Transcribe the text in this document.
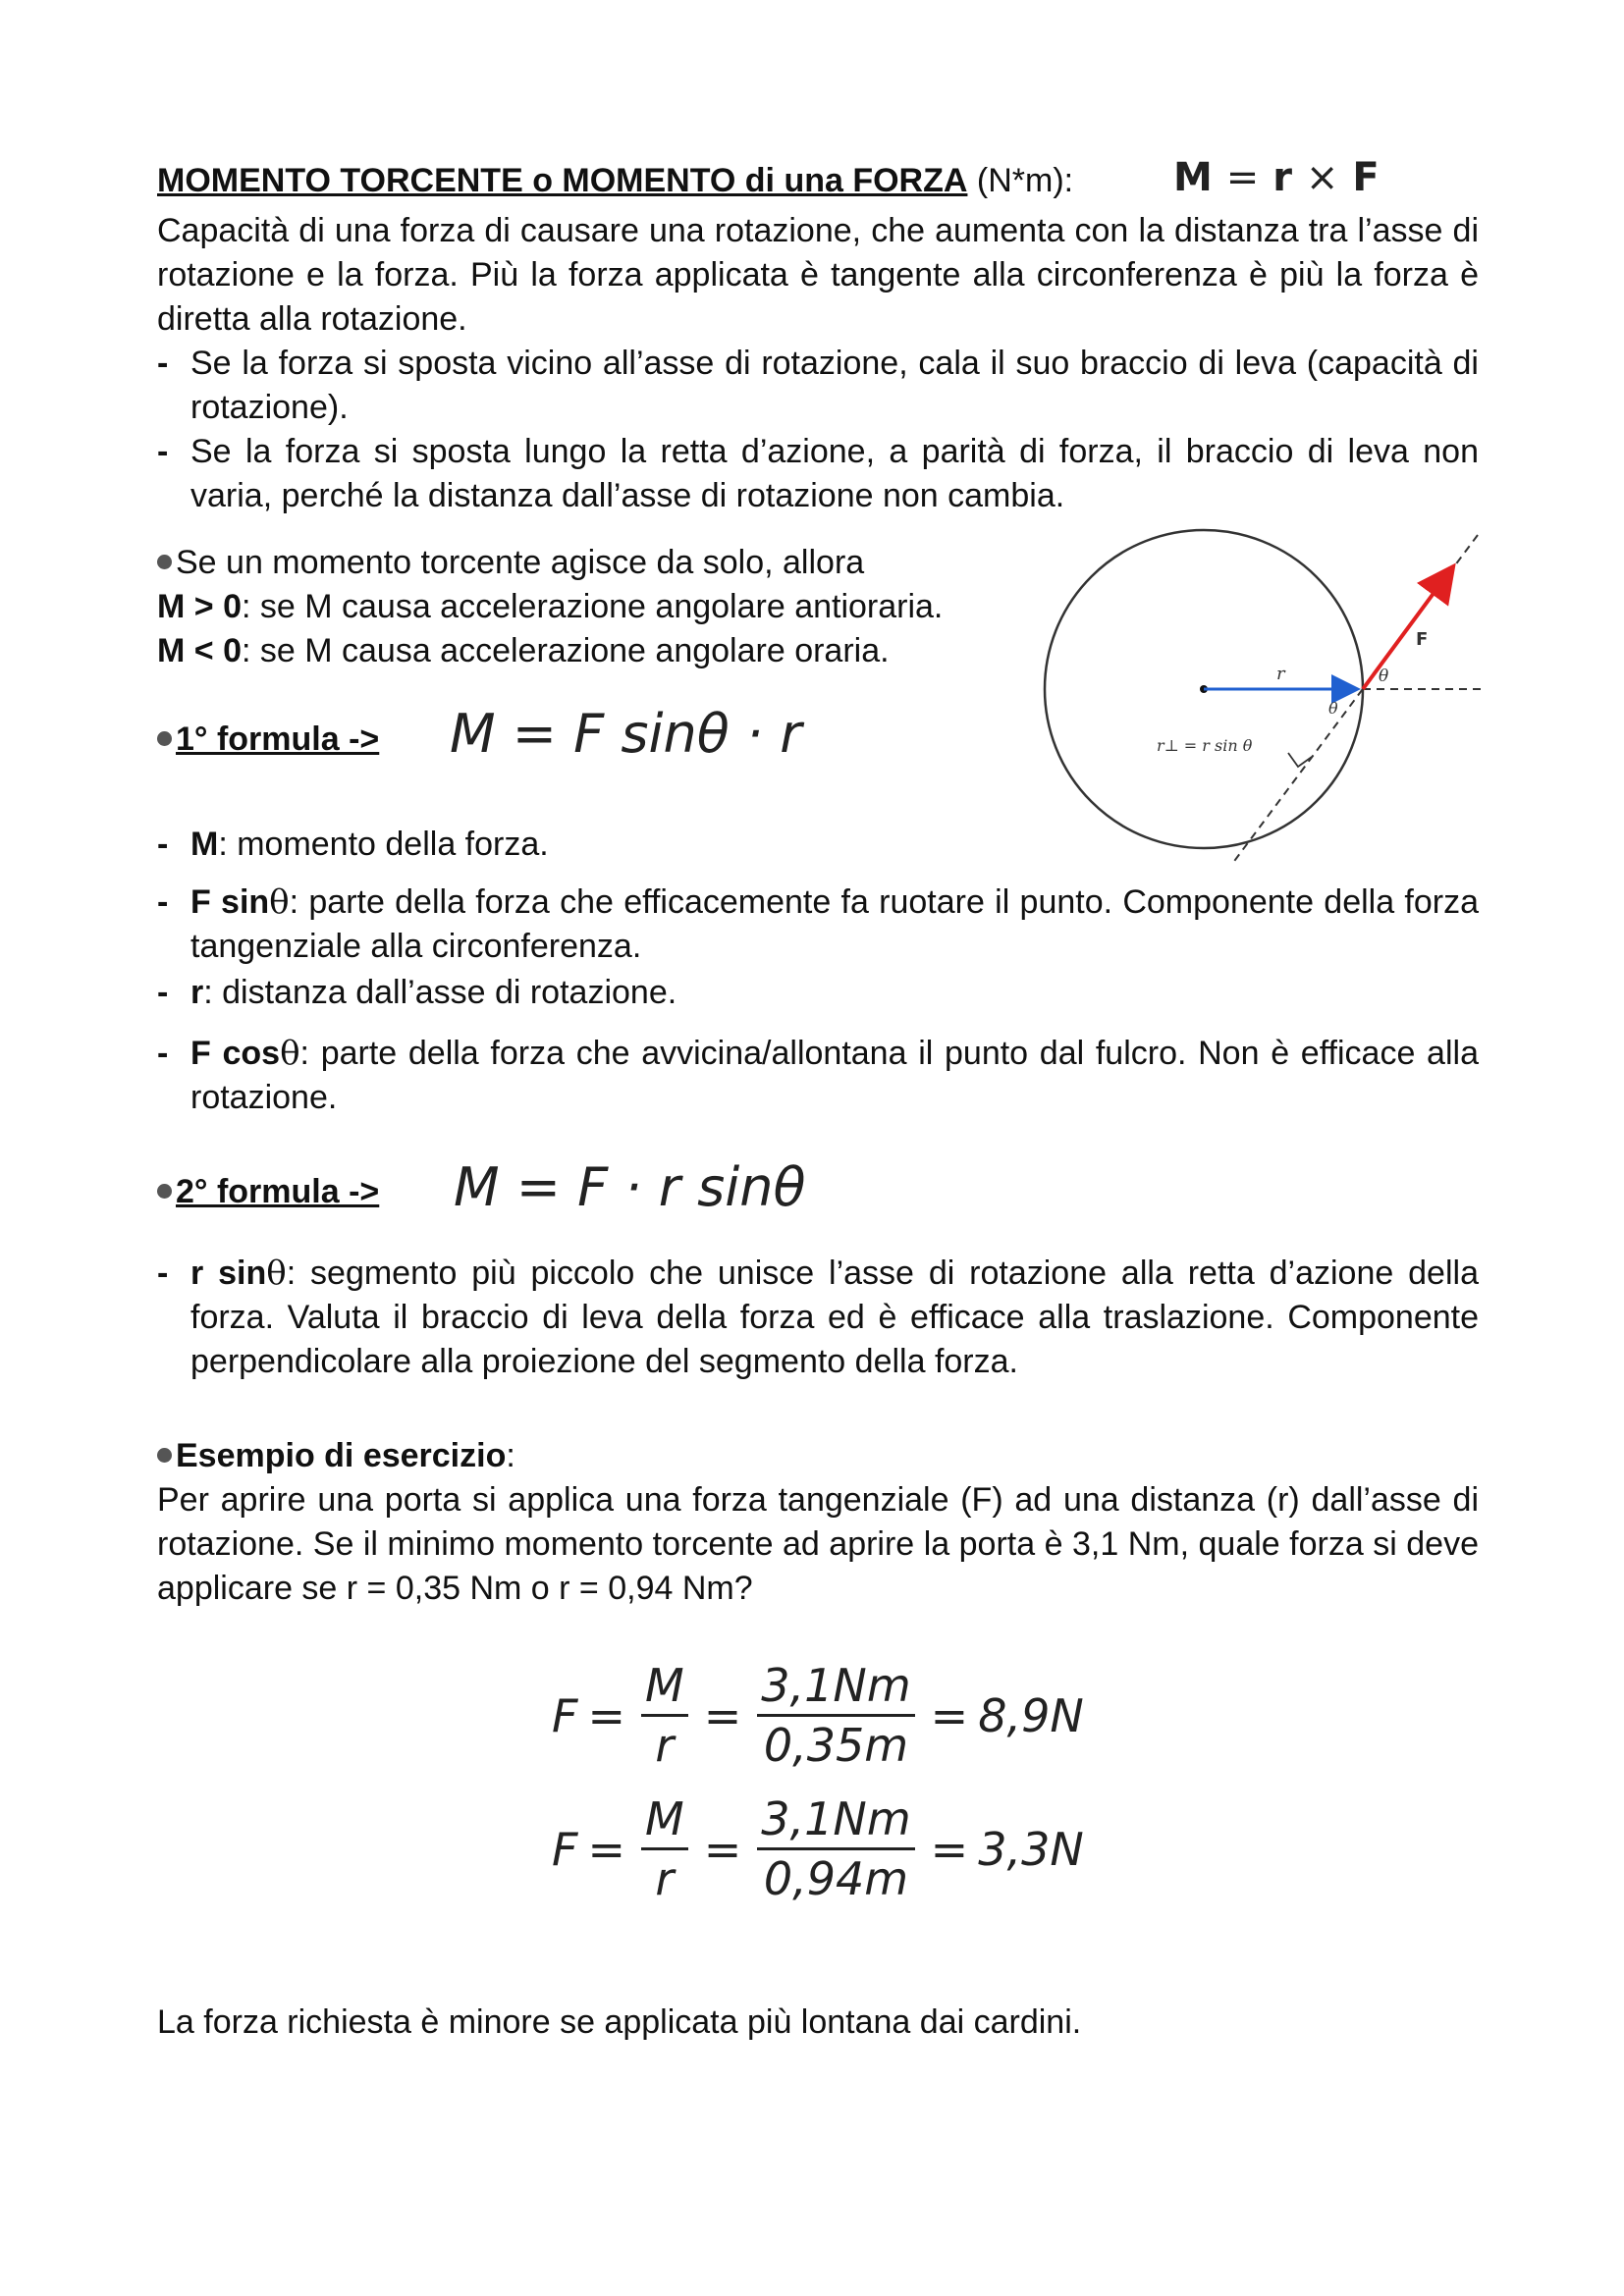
MOMENTO TORCENTE o MOMENTO di una FORZA (N*m):	M = r × F
Capacità di una forza di causare una rotazione, che aumenta con la distanza tra l’asse di rotazione e la forza. Più la forza applicata è tangente alla circonferenza è più la forza è diretta alla rotazione.
- Se la forza si sposta vicino all’asse di rotazione, cala il suo braccio di leva (capacità di rotazione).
- Se la forza si sposta lungo la retta d’azione, a parità di forza, il braccio di leva non varia, perché la distanza dall’asse di rotazione non cambia.
Se un momento torcente agisce da solo, allora
M > 0: se M causa accelerazione angolare antioraria.
M < 0: se M causa accelerazione angolare oraria.
1° formula -> M = F sinθ · r
r
F
θ
θ
r⊥ = r sin θ
- M: momento della forza.
- F sinθ: parte della forza che efficacemente fa ruotare il punto. Componente della forza tangenziale alla circonferenza.
- r: distanza dall’asse di rotazione.
- F cosθ: parte della forza che avvicina/allontana il punto dal fulcro. Non è efficace alla rotazione.
2° formula -> M = F · r sinθ
- r sinθ: segmento più piccolo che unisce l’asse di rotazione alla retta d’azione della forza. Valuta il braccio di leva della forza ed è efficace alla traslazione. Componente perpendicolare alla proiezione del segmento della forza.
Esempio di esercizio:
Per aprire una porta si applica una forza tangenziale (F) ad una distanza (r) dall’asse di rotazione. Se il minimo momento torcente ad aprire la porta è 3,1 Nm, quale forza si deve applicare se r = 0,35 Nm o r = 0,94 Nm?
$F = \frac{M}{r} = \frac{3,1Nm}{0,35m} = 8,9N$
$F = \frac{M}{r} = \frac{3,1Nm}{0,94m} = 3,3N$
La forza richiesta è minore se applicata più lontana dai cardini.
